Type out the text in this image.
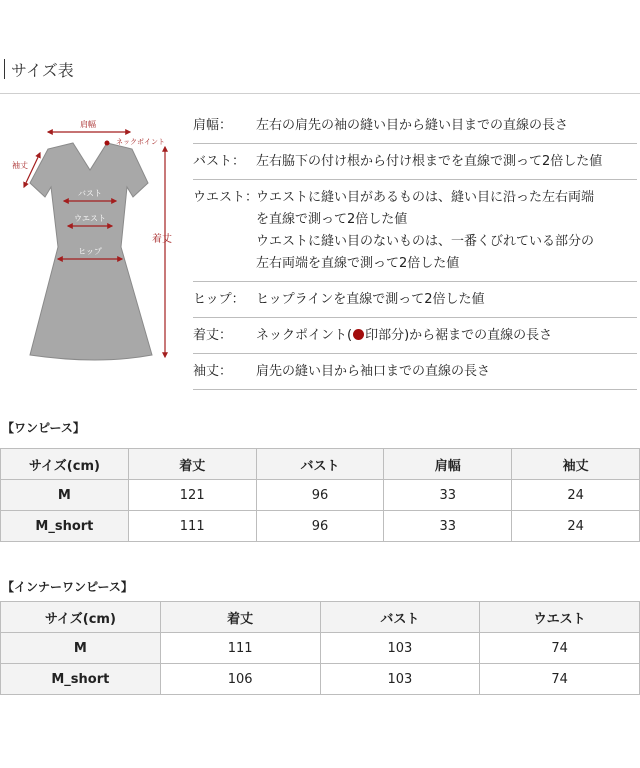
サイズ表
肩幅
ネックポイント
袖丈
着丈
バスト
ウエスト
ヒップ
肩幅：	左右の肩先の袖の縫い目から縫い目までの直線の長さ
バスト： 左右脇下の付け根から付け根までを直線で測って2倍した値
ウエスト：
ウエストに縫い目があるものは、縫い目に沿った左右両端
を直線で測って2倍した値
ウエストに縫い目のないものは、一番くびれている部分の
左右両端を直線で測って2倍した値
ヒップ： ヒップラインを直線で測って2倍した値
着丈：	ネックポイント( 印部分)から裾までの直線の長さ
袖丈：	肩先の縫い目から袖口までの直線の長さ
【ワンピース】
サイズ(cm)	着丈	バスト	肩幅	袖丈
M	121	96	33	24
M_short	111	96	33	24
【インナーワンピース】
サイズ(cm)	着丈	バスト	ウエスト
M	111	103	74
M_short	106	103	74
